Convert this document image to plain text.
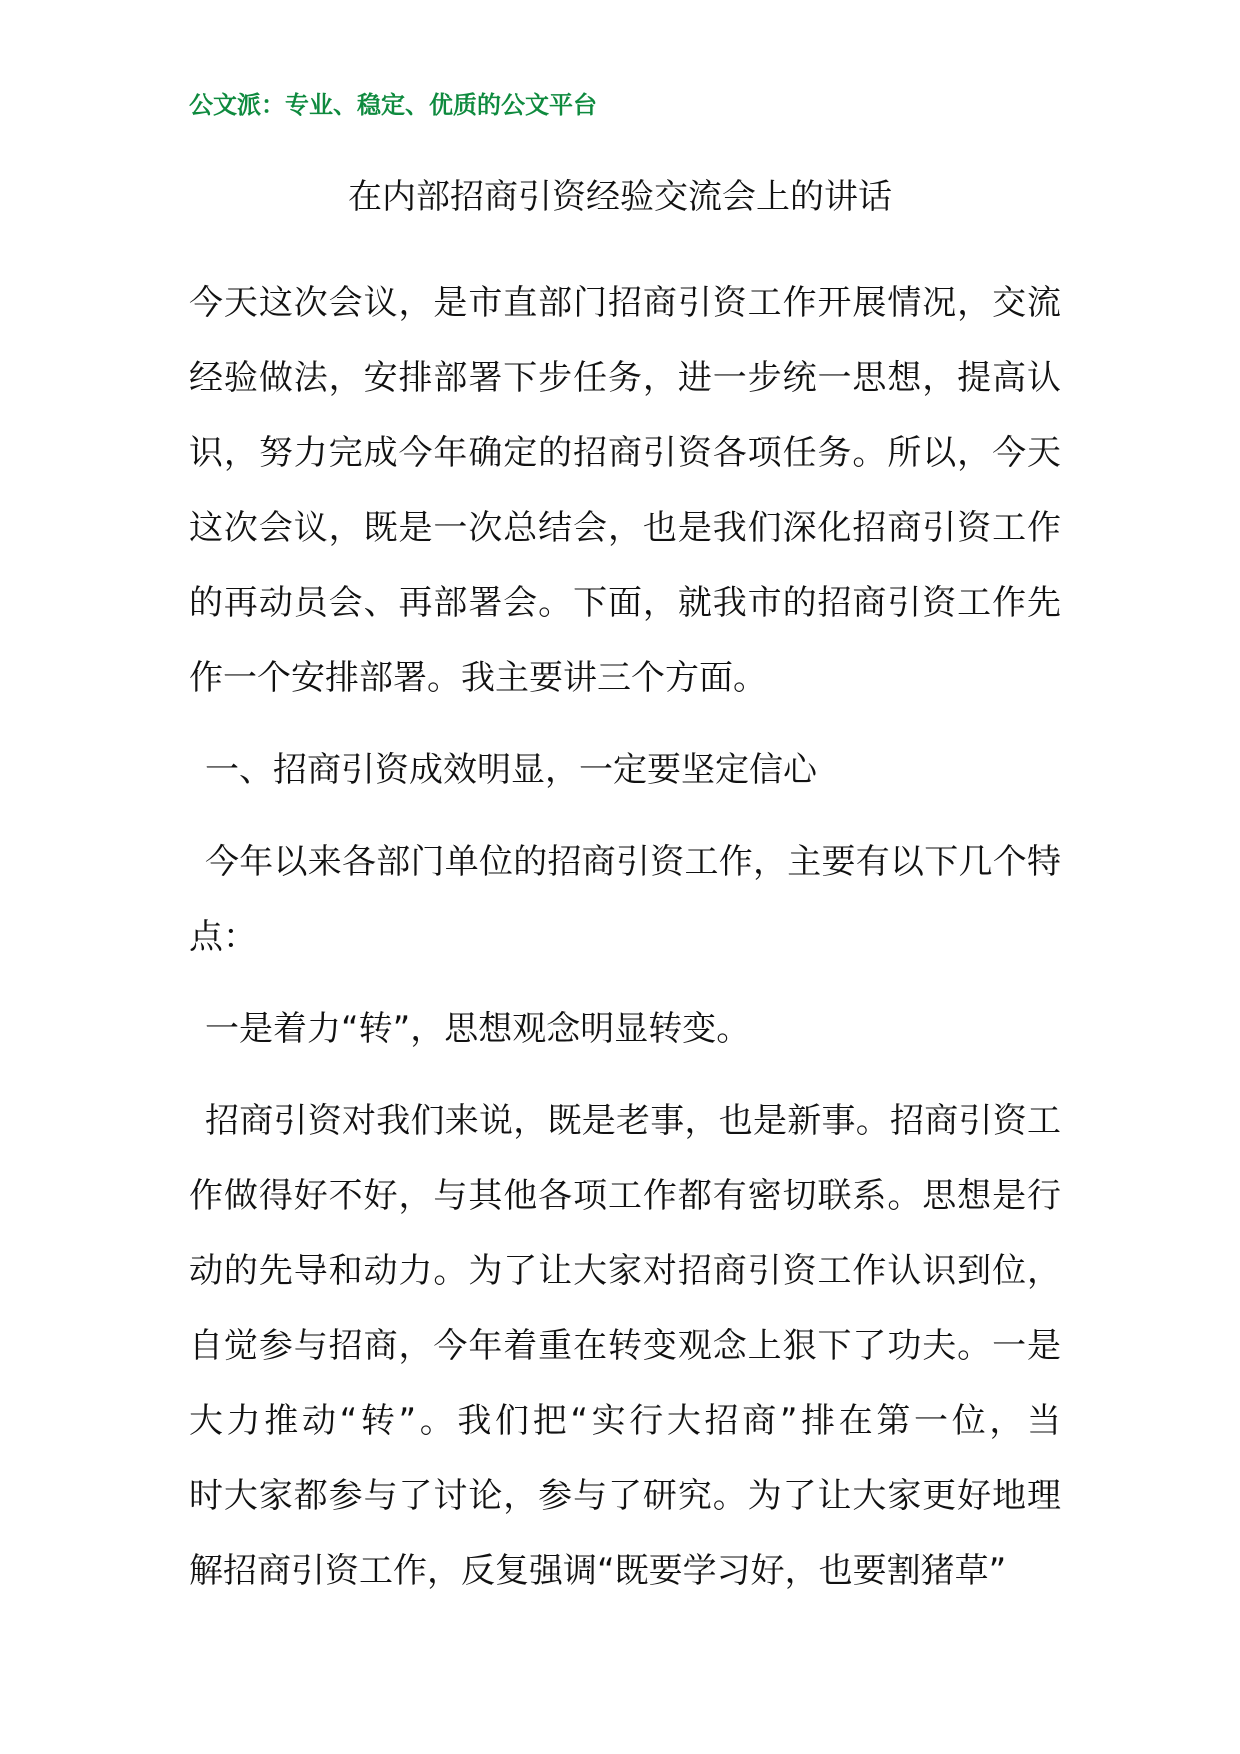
公文派：专业、稳定、优质的公文平台
在内部招商引资经验交流会上的讲话
今天这次会议，是市直部门招商引资工作开展情况，交流
经验做法，安排部署下步任务，进一步统一思想，提高认
识，努力完成今年确定的招商引资各项任务。所以，今天
这次会议，既是一次总结会，也是我们深化招商引资工作
的再动员会、再部署会。下面，就我市的招商引资工作先
作一个安排部署。我主要讲三个方面。
一、招商引资成效明显，一定要坚定信心
今年以来各部门单位的招商引资工作，主要有以下几个特
点：
一是着力“转”，思想观念明显转变。
招商引资对我们来说，既是老事，也是新事。招商引资工
作做得好不好，与其他各项工作都有密切联系。思想是行
动的先导和动力。为了让大家对招商引资工作认识到位，
自觉参与招商，今年着重在转变观念上狠下了功夫。一是
大力推动“转”。我们把“实行大招商”排在第一位，当
时大家都参与了讨论，参与了研究。为了让大家更好地理
解招商引资工作，反复强调“既要学习好，也要割猪草”
